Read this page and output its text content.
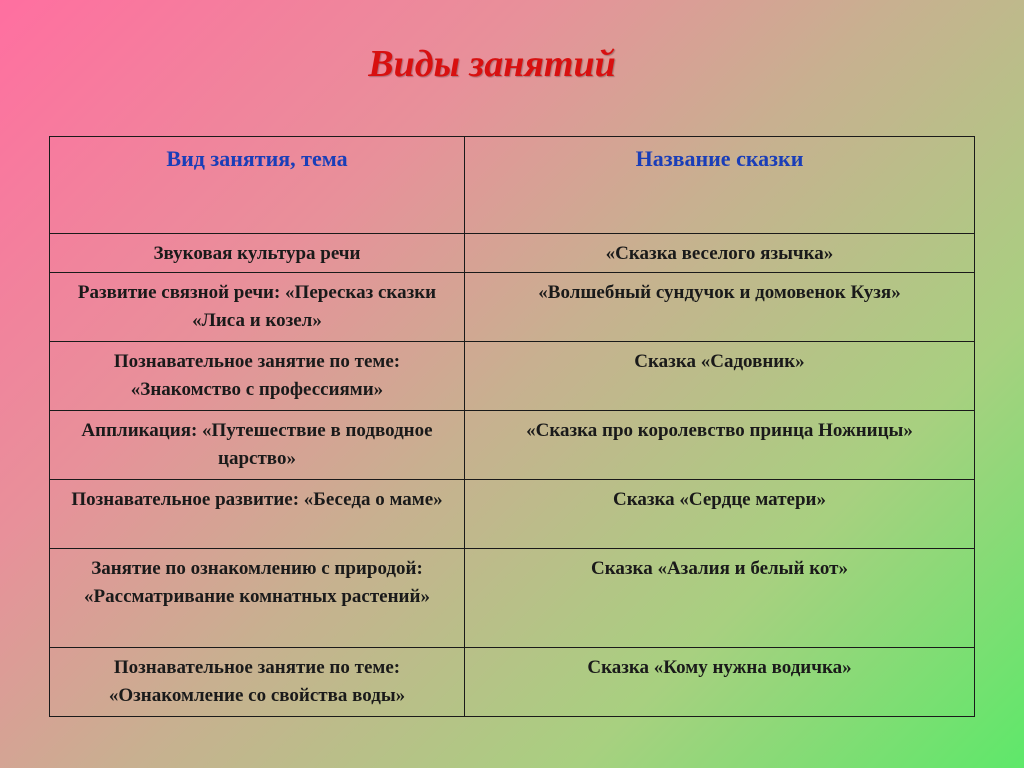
Виды занятий
Вид занятия, тема	Название сказки
Звуковая культура речи	«Сказка веселого язычка»
Развитие связной речи: «Пересказ сказки «Лиса и козел»	«Волшебный сундучок и домовенок Кузя»
Познавательное занятие по теме: «Знакомство с профессиями»	Сказка «Садовник»
Аппликация: «Путешествие в подводное царство»	«Сказка про королевство принца Ножницы»
Познавательное развитие: «Беседа о маме»	Сказка «Сердце матери»
Занятие по ознакомлению с природой: «Рассматривание комнатных растений»	Сказка «Азалия и белый кот»
Познавательное занятие по теме: «Ознакомление со свойства воды»	Сказка «Кому нужна водичка»
